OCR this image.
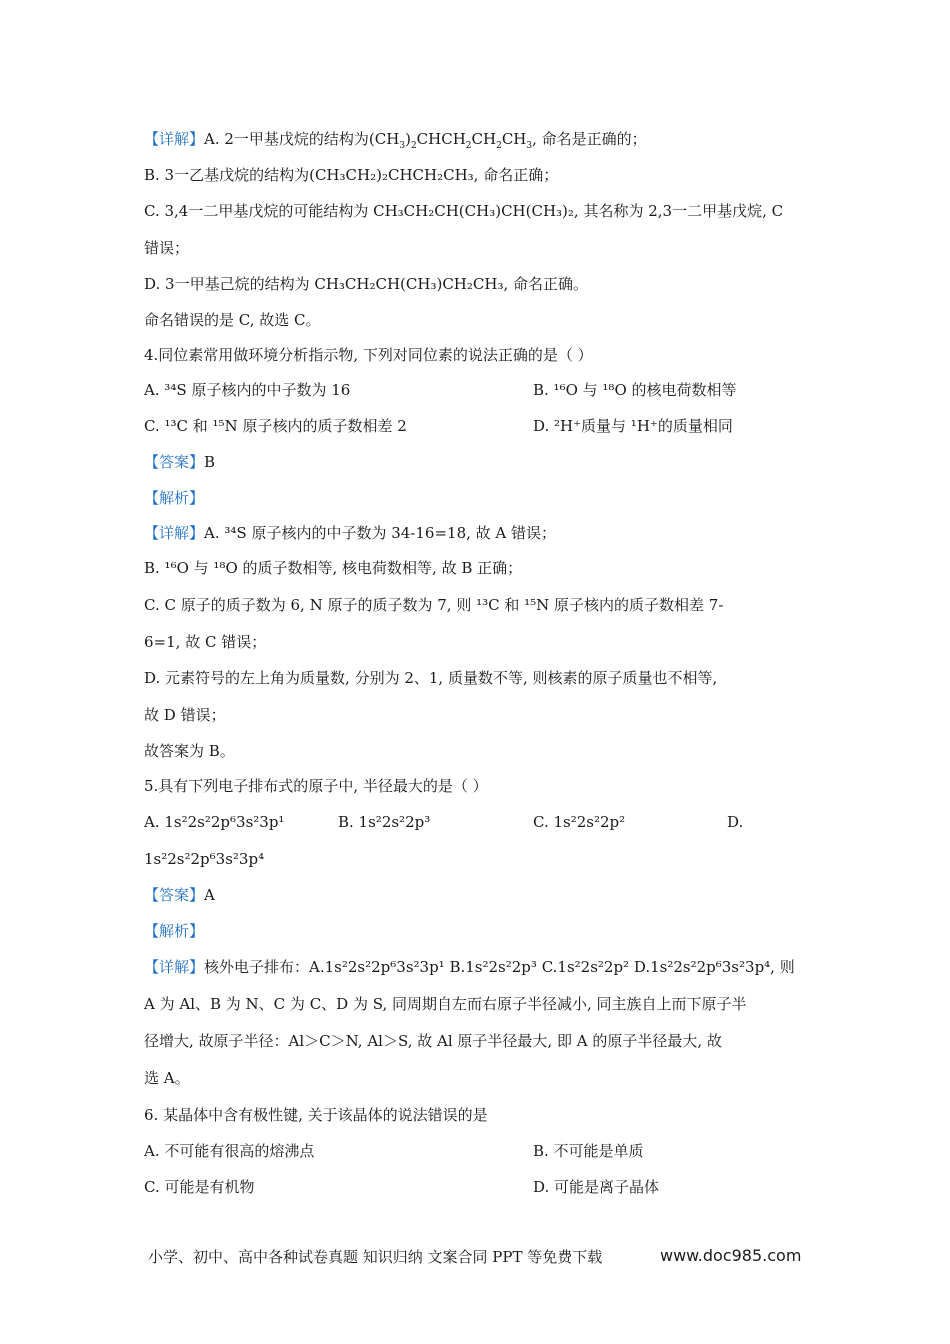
【详解】A. 2一甲基戊烷的结构为$(CH_3)_2CHCH_2CH_2CH_3$, 命名是正确的；
B. 3一乙基戊烷的结构为(CH₃CH₂)₂CHCH₂CH₃, 命名正确；
C. 3,4一二甲基戊烷的可能结构为 CH₃CH₂CH(CH₃)CH(CH₃)₂, 其名称为 2,3一二甲基戊烷, C
错误；
D. 3一甲基己烷的结构为 CH₃CH₂CH(CH₃)CH₂CH₃, 命名正确。
命名错误的是 C, 故选 C。
4.同位素常用做环境分析指示物, 下列对同位素的说法正确的是（ ）
A. ³⁴S 原子核内的中子数为 16	B. ¹⁶O 与 ¹⁸O 的核电荷数相等
C. ¹³C 和 ¹⁵N 原子核内的质子数相差 2	D. ²H⁺质量与 ¹H⁺的质量相同
【答案】B
【解析】
【详解】A. ³⁴S 原子核内的中子数为 34-16=18, 故 A 错误；
B. ¹⁶O 与 ¹⁸O 的质子数相等, 核电荷数相等, 故 B 正确；
C. C 原子的质子数为 6, N 原子的质子数为 7, 则 ¹³C 和 ¹⁵N 原子核内的质子数相差 7-
6=1, 故 C 错误；
D. 元素符号的左上角为质量数, 分别为 2、1, 质量数不等, 则核素的原子质量也不相等,
故 D 错误；
故答案为 B。
5.具有下列电子排布式的原子中, 半径最大的是（ ）
A. 1s²2s²2p⁶3s²3p¹	B. 1s²2s²2p³	C. 1s²2s²2p²	D.
1s²2s²2p⁶3s²3p⁴
【答案】A
【解析】
【详解】核外电子排布：A.1s²2s²2p⁶3s²3p¹ B.1s²2s²2p³ C.1s²2s²2p² D.1s²2s²2p⁶3s²3p⁴, 则
A 为 Al、B 为 N、C 为 C、D 为 S, 同周期自左而右原子半径减小, 同主族自上而下原子半
径增大, 故原子半径：Al＞C＞N, Al＞S, 故 Al 原子半径最大, 即 A 的原子半径最大, 故
选 A。
6. 某晶体中含有极性键, 关于该晶体的说法错误的是
A. 不可能有很高的熔沸点	B. 不可能是单质
C. 可能是有机物	D. 可能是离子晶体
小学、初中、高中各种试卷真题 知识归纳 文案合同 PPT 等免费下载	www.doc985.com
